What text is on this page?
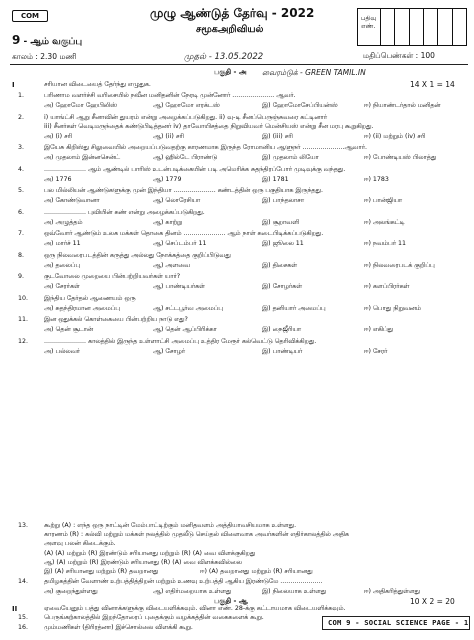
COM	முழு ஆண்டுத் தேர்வு - 2022
சமூகஅறிவியல்
9 - ஆம் வகுப்பு
காலம் : 2.30 மணி	முதல் - 13.05.2022
பதிவு எண்.
மதிப்பெண்கள் : 100
பகுதி - அ வைரம்டுக் - GREEN TAMIL.IN
I	சரியான விடையைத் தேர்ந்து எழுதுக.	14 X 1 = 14
1.	பரிணாம வளர்ச்சி வரிசையில் நவீன மனிதனின் நேரடி முன்னோர் ..................... ஆவர்.
அ) ஹோமோ ஹேபிலிஸ்	ஆ) ஹோமோ எரக்டஸ்	இ) ஹோமோசேப்பியன்ஸ்	ஈ) நியாண்டர்தால் மனிதன்
2.	i) யாங்ட்சி ஆறு சீனாவின் துயரம் என்று அழைக்கப்படுகிறது. ii) வு-டி சீனப்பெருஞ்சுவரை கட்டினார்
iii) சீனர்கள் வெடிமருந்தைக் கண்டுபிடித்தனர் iv) தாவோயிசத்தை நிறுவியவர் மென்சியஸ் என்று சீன மரபு கூறுகிறது.
அ) (i) சரி	ஆ) (ii) சரி	இ) (iii) சரி	ஈ) (ii) மற்றும் (iv) சரி
3.	இயேசு கிறிஸ்து சிலுவையில் அறையப்படுவதற்கு காரணமாக இருந்த ரோமானிய ஆளுநர் .....................ஆவார்.
அ) முதலாம் இன்னசென்ட்	ஆ) ஹில்டே பிராண்டு	இ) முதலாம் லியோ	ஈ) போண்டியஸ் பிலாத்து
4.	..................... ஆம் ஆண்டில் பாரிஸ் உடன்படிக்கையின் படி அமெரிக்க சுதந்திரப்போர் முடிவுக்கு வந்தது.
அ) 1776	ஆ) 1779	இ) 1781	ஈ) 1783
5.	பல மில்லியன் ஆண்டுகளுக்கு முன் இந்தியா ..................... கண்டத்தின் ஒரு பகுதியாக இருந்தது.
அ) கோண்டுவானா	ஆ) லொரேசியா	இ) பாந்தலாசா	ஈ) பான்ஜியா
6.	..................... புவியின் கண் என்று அழைக்கப்படுகிறது.
அ) அழுத்தம்	ஆ) காற்று	இ) சூறாவளி	ஈ) அலங்கட்டி
7.	ஒவ்வோர் ஆண்டும் உலக மக்கள் தொகை தினம் ..................... ஆம் நாள் கடைபிடிக்கப்படுகிறது.
அ) மார்ச் 11	ஆ) செப்டம்பர் 11	இ) ஜூலை 11	ஈ) நவம்பர் 11
8.	ஒரு நிலவரைபடத்தின் கருத்து அல்லது நோக்கத்தை குறிப்பிடுவது
அ) தலைப்பு	ஆ) அளவை	இ) திசைகள்	ஈ) நிலவரைபடக் குறிப்பு
9.	குடவோலை முறையை பின்பற்றியவர்கள் யார்?
அ) சேரர்கள்	ஆ) பாண்டியர்கள்	இ) சோழர்கள்	ஈ) களப்பிரர்கள்
10.	இந்திய தேர்தல் ஆணையம் ஒரு
அ) சுதந்திரமான அமைப்பு	ஆ) சட்டபூர்வ அமைப்பு	இ) தனியார் அமைப்பு	ஈ) பொது நிறுவனம்
11.	இன ஒதுக்கல் கொள்கையை பின்பற்றிய நாடு எது?
அ) தென் சூடான்	ஆ) தென் ஆப்பிரிக்கா	இ) நைஜீரியா	ஈ) எகிப்து
12.	..................... காலத்தில் இருந்த உள்ளாட்சி அமைப்பு உத்திர மேரூர் கல்வெட்டு தெரிவிக்கிறது.
அ) பல்லவர்	ஆ) சோழர்	இ) பாண்டியர்	ஈ) சேரர்
13.	கூற்று (A) : எந்த ஒரு நாட்டின் மேம்பாட்டிற்கும் மனிதவளம் அத்தியாவசியமாக உள்ளது.
காரணம் (R) : கல்வி மற்றும் மக்கள் நலத்தில் முதலீடு செய்தல் விளைவாக அவர்களின் எதிர்காலத்தில் அதிக
அளவு பலன் கிடைக்கும்.
(A) (A) மற்றும் (R) இரண்டும் சரியானது மற்றும் (R) (A) வை விளக்குகிறது
ஆ) (A) மற்றும் (R) இரண்டும் சரியானது (R) (A) வை விளக்கவில்லை
இ) (A) சரியானது மற்றும் (R) தவறானது	ஈ) (A) தவறானது மற்றும் (R) சரியானது
14.	தமிழகத்தின் வேளாண் உற்பத்தித்திறன் மற்றும் உணவு உற்பத்தி ஆகிய இரண்டுமே .....................
அ) குறைந்துள்ளது	ஆ) எதிர்மறையாக உள்ளது	இ) நிலையாக உள்ளது	ஈ) அதிகரித்துள்ளது
பகுதி - ஆ	10 X 2 = 20
II	ஏவையேனும் பத்து வினாக்களுக்கு விடையளிக்கவும். வினா எண். 28-க்கு கட்டாயமாக விடையளிக்கவும்.
15.	பெருங்கற்காலத்தில் இறந்தோரைப் புதைக்கும் வழக்கத்தின் வகைகளைக் கூறு.
16.	மும்மணிகள் (திரிரத்னா) இச்சொல்லை விளக்கி கூறு.
COM 9 - SOCIAL SCIENCE PAGE - 1
